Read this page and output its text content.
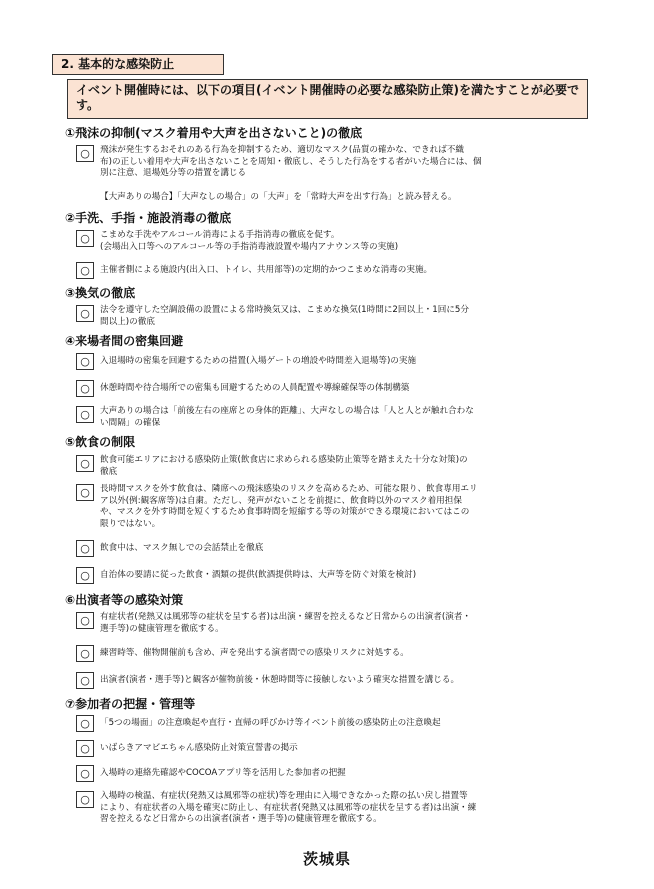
2. 基本的な感染防止
イベント開催時には、以下の項目(イベント開催時の必要な感染防止策)を満たすことが必要です。
①飛沫の抑制(マスク着用や大声を出さないこと)の徹底
○	飛沫が発生するおそれのある行為を抑制するため、適切なマスク(品質の確かな、できれば不織
布)の正しい着用や大声を出さないことを周知・徹底し、そうした行為をする者がいた場合には、個
別に注意、退場処分等の措置を講じる
【大声ありの場合】「大声なしの場合」の「大声」を「常時大声を出す行為」と読み替える。
②手洗、手指・施設消毒の徹底
○	こまめな手洗やアルコール消毒による手指消毒の徹底を促す。
(会場出入口等へのアルコール等の手指消毒液設置や場内アナウンス等の実施)
○	主催者側による施設内(出入口、トイレ、共用部等)の定期的かつこまめな消毒の実施。
③換気の徹底
○	法令を遵守した空調設備の設置による常時換気又は、こまめな換気(1時間に2回以上・1回に5分
間以上)の徹底
④来場者間の密集回避
○	入退場時の密集を回避するための措置(入場ゲートの増設や時間差入退場等)の実施
○	休憩時間や待合場所での密集も回避するための人員配置や導線確保等の体制構築
○	大声ありの場合は「前後左右の座席との身体的距離」、大声なしの場合は「人と人とが触れ合わな
い間隔」の確保
⑤飲食の制限
○	飲食可能エリアにおける感染防止策(飲食店に求められる感染防止策等を踏まえた十分な対策)の
徹底
○	長時間マスクを外す飲食は、隣席への飛沫感染のリスクを高めるため、可能な限り、飲食専用エリ
ア以外(例:観客席等)は自粛。ただし、発声がないことを前提に、飲食時以外のマスク着用担保
や、マスクを外す時間を短くするため食事時間を短縮する等の対策ができる環境においてはこの
限りではない。
○	飲食中は、マスク無しでの会話禁止を徹底
○	自治体の要請に従った飲食・酒類の提供(飲酒提供時は、大声等を防ぐ対策を検討)
⑥出演者等の感染対策
○	有症状者(発熱又は風邪等の症状を呈する者)は出演・練習を控えるなど日常からの出演者(演者・
選手等)の健康管理を徹底する。
○	練習時等、催物開催前も含め、声を発出する演者間での感染リスクに対処する。
○	出演者(演者・選手等)と観客が催物前後・休憩時間等に接触しないよう確実な措置を講じる。
⑦参加者の把握・管理等
○	「5つの場面」の注意喚起や直行・直帰の呼びかけ等イベント前後の感染防止の注意喚起
○	いばらきアマビエちゃん感染防止対策宣誓書の掲示
○	入場時の連絡先確認やCOCOAアプリ等を活用した参加者の把握
○	入場時の検温、有症状(発熱又は風邪等の症状)等を理由に入場できなかった際の払い戻し措置等
により、有症状者の入場を確実に防止し、有症状者(発熱又は風邪等の症状を呈する者)は出演・練
習を控えるなど日常からの出演者(演者・選手等)の健康管理を徹底する。
茨城県
